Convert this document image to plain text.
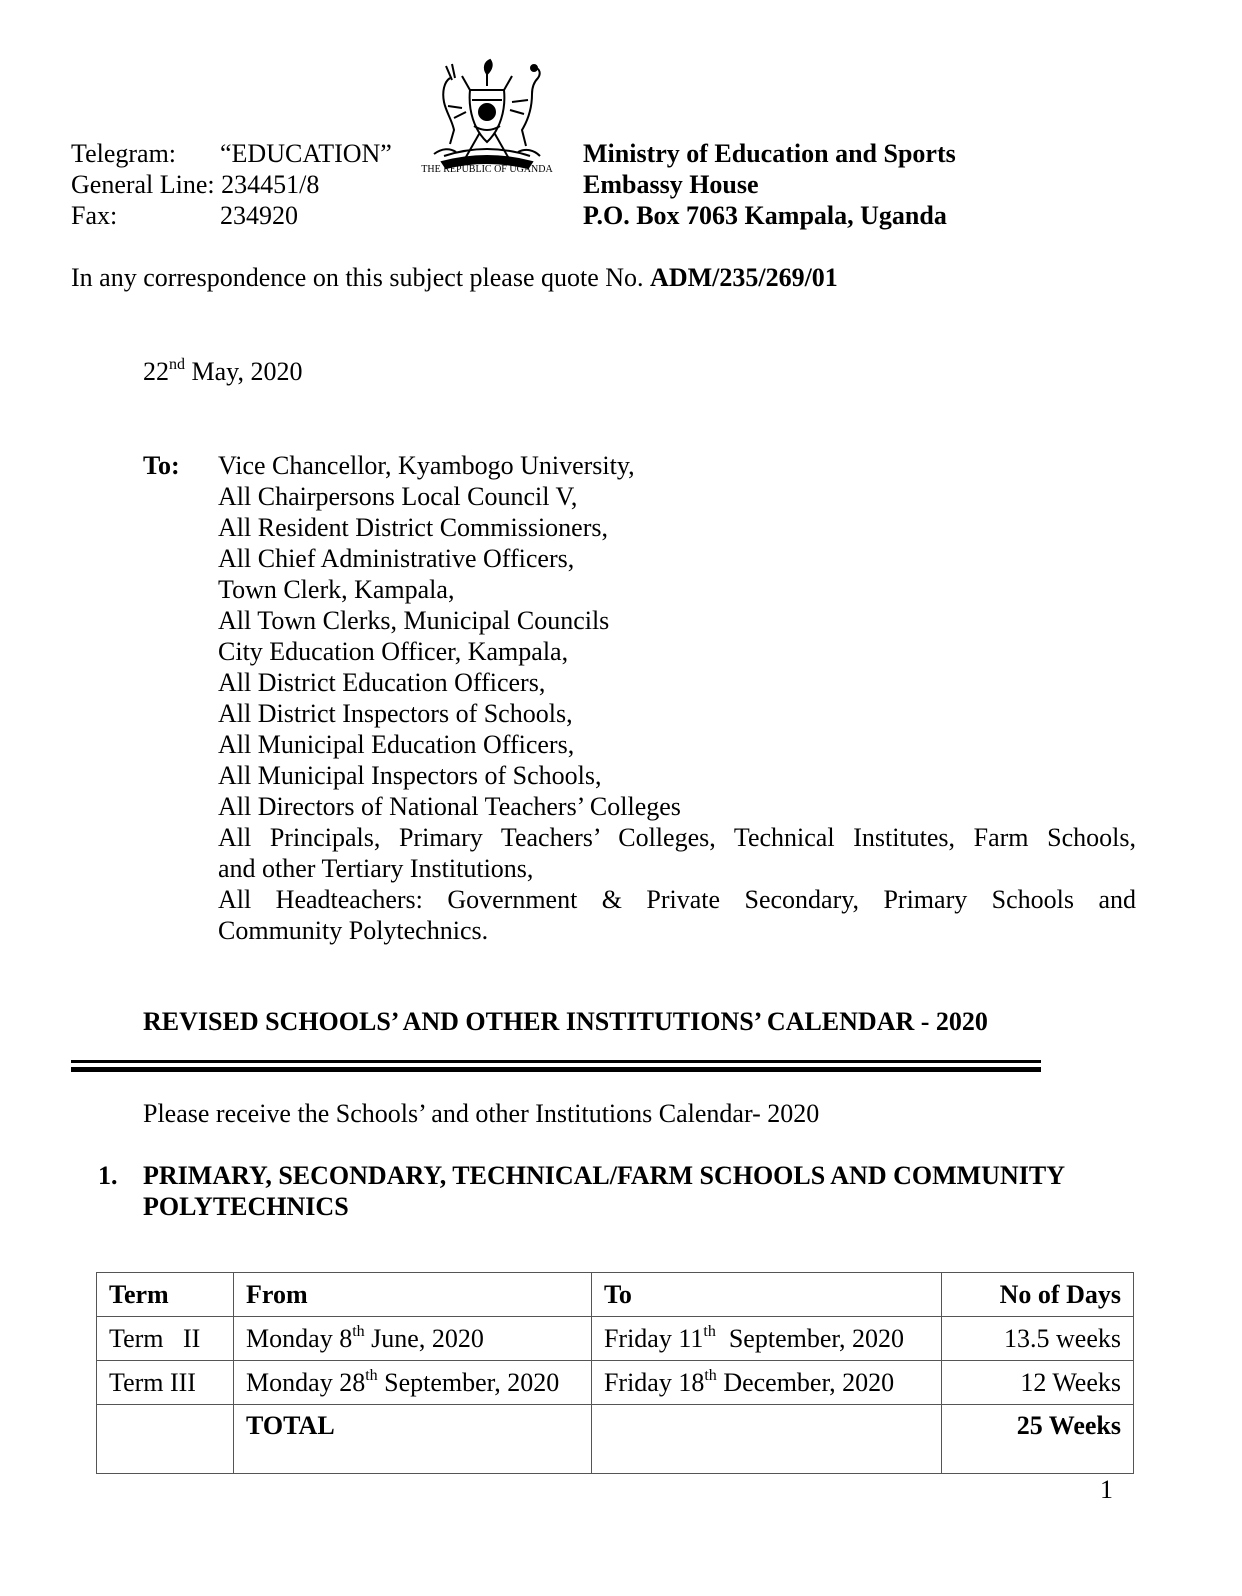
Telegram: “EDUCATION”
General Line: 234451/8
Fax:	234920
THE REPUBLIC OF UGANDA
Ministry of Education and Sports
Embassy House
P.O. Box 7063 Kampala, Uganda
In any correspondence on this subject please quote No. ADM/235/269/01
22nd May, 2020
To: Vice Chancellor, Kyambogo University,
All Chairpersons Local Council V,
All Resident District Commissioners,
All Chief Administrative Officers,
Town Clerk, Kampala,
All Town Clerks, Municipal Councils
City Education Officer, Kampala,
All District Education Officers,
All District Inspectors of Schools,
All Municipal Education Officers,
All Municipal Inspectors of Schools,
All Directors of National Teachers’ Colleges
All Principals, Primary Teachers’ Colleges, Technical Institutes, Farm Schools,
and other Tertiary Institutions,
All Headteachers: Government & Private Secondary, Primary Schools and
Community Polytechnics.
REVISED SCHOOLS’ AND OTHER INSTITUTIONS’ CALENDAR - 2020
Please receive the Schools’ and other Institutions Calendar- 2020
1. PRIMARY, SECONDARY, TECHNICAL/FARM SCHOOLS AND COMMUNITY
POLYTECHNICS
Term	From	To	No of Days
Term   II	Monday 8th June, 2020	Friday 11th  September, 2020	13.5 weeks
Term III	Monday 28th September, 2020	Friday 18th December, 2020	12 Weeks
	TOTAL		25 Weeks
1
